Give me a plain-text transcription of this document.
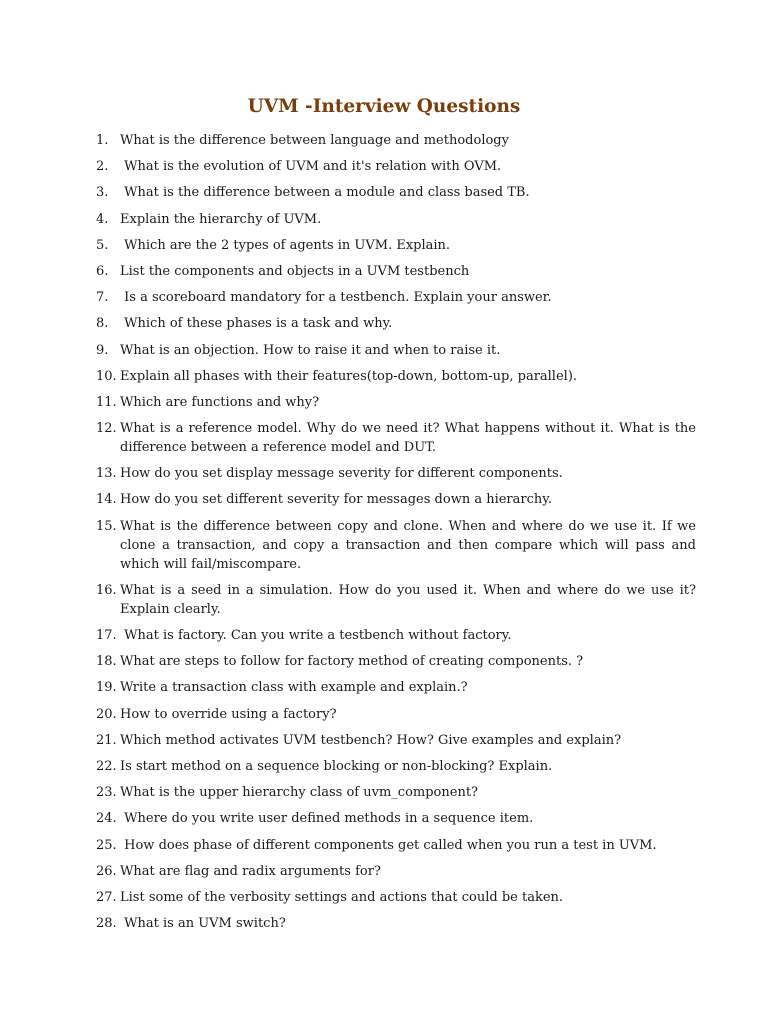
UVM -Interview Questions
1. What is the difference between language and methodology
2. What is the evolution of UVM and it's relation with OVM.
3. What is the difference between a module and class based TB.
4. Explain the hierarchy of UVM.
5. Which are the 2 types of agents in UVM. Explain.
6. List the components and objects in a UVM testbench
7. Is a scoreboard mandatory for a testbench. Explain your answer.
8. Which of these phases is a task and why.
9. What is an objection. How to raise it and when to raise it.
10. Explain all phases with their features(top-down, bottom-up, parallel).
11. Which are functions and why?
12. What is a reference model. Why do we need it? What happens without it. What is the difference between a reference model and DUT.
13. How do you set display message severity for different components.
14. How do you set different severity for messages down a hierarchy.
15. What is the difference between copy and clone. When and where do we use it. If we clone a transaction, and copy a transaction and then compare which will pass and which will fail/miscompare.
16. What is a seed in a simulation. How do you used it. When and where do we use it? Explain clearly.
17. What is factory. Can you write a testbench without factory.
18. What are steps to follow for factory method of creating components. ?
19. Write a transaction class with example and explain.?
20. How to override using a factory?
21. Which method activates UVM testbench? How? Give examples and explain?
22. Is start method on a sequence blocking or non-blocking? Explain.
23. What is the upper hierarchy class of uvm_component?
24. Where do you write user defined methods in a sequence item.
25. How does phase of different components get called when you run a test in UVM.
26. What are flag and radix arguments for?
27. List some of the verbosity settings and actions that could be taken.
28. What is an UVM switch?
